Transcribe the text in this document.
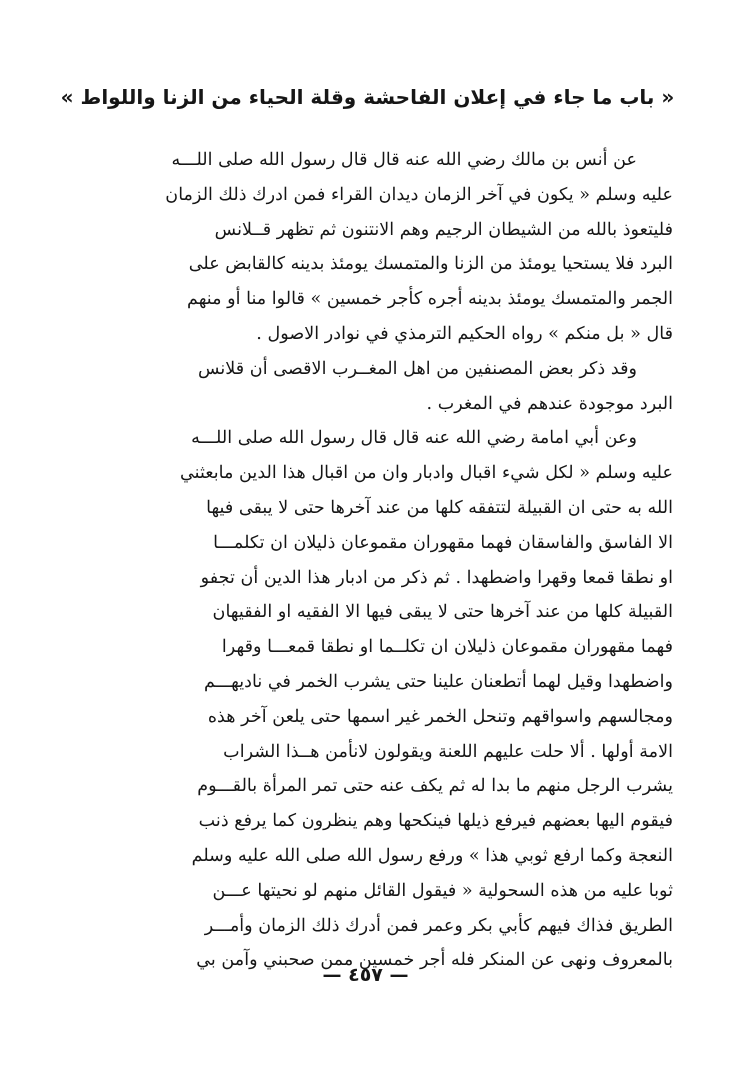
« باب ما جاء في إعلان الفاحشة وقلة الحياء من الزنا واللواط »
عن أنس بن مالك رضي الله عنه قال قال رسول الله صلى اللـــه
عليه وسلم « يكون في آخر الزمان ديدان القراء فمن ادرك ذلك الزمان
فليتعوذ بالله من الشيطان الرجيم وهم الانتنون ثم تظهر قــلانس
البرد فلا يستحيا يومئذ من الزنا والمتمسك يومئذ بدينه كالقابض على
الجمر والمتمسك يومئذ بدينه أجره كأجر خمسين » قالوا منا أو منهم
قال « بل منكم » رواه الحكيم الترمذي في نوادر الاصول .
وقد ذكر بعض المصنفين من اهل المغــرب الاقصى أن قلانس
البرد موجودة عندهم في المغرب .
وعن أبي امامة رضي الله عنه قال قال رسول الله صلى اللـــه
عليه وسلم « لكل شيء اقبال وادبار وان من اقبال هذا الدين مابعثني
الله به حتى ان القبيلة لتتفقه كلها من عند آخرها حتى لا يبقى فيها
الا الفاسق والفاسقان فهما مقهوران مقموعان ذليلان ان تكلمـــا
او نطقا قمعا وقهرا واضطهدا . ثم ذكر من ادبار هذا الدين أن تجفو
القبيلة كلها من عند آخرها حتى لا يبقى فيها الا الفقيه او الفقيهان
فهما مقهوران مقموعان ذليلان ان تكلــما او نطقا قمعـــا وقهرا
واضطهدا وقيل لهما أتطعنان علينا حتى يشرب الخمر في ناديهـــم
ومجالسهم واسواقهم وتنحل الخمر غير اسمها حتى يلعن آخر هذه
الامة أولها . ألا حلت عليهم اللعنة ويقولون لانأمن هــذا الشراب
يشرب الرجل منهم ما بدا له ثم يكف عنه حتى تمر المرأة بالقـــوم
فيقوم اليها بعضهم فيرفع ذيلها فينكحها وهم ينظرون كما يرفع ذنب
النعجة وكما ارفع ثوبي هذا » ورفع رسول الله صلى الله عليه وسلم
ثوبا عليه من هذه السحولية « فيقول القائل منهم لو نحيتها عـــن
الطريق فذاك فيهم كأبي بكر وعمر فمن أدرك ذلك الزمان وأمـــر
بالمعروف ونهى عن المنكر فله أجر خمسين ممن صحبني وآمن بي
— ٤٥٧ —
